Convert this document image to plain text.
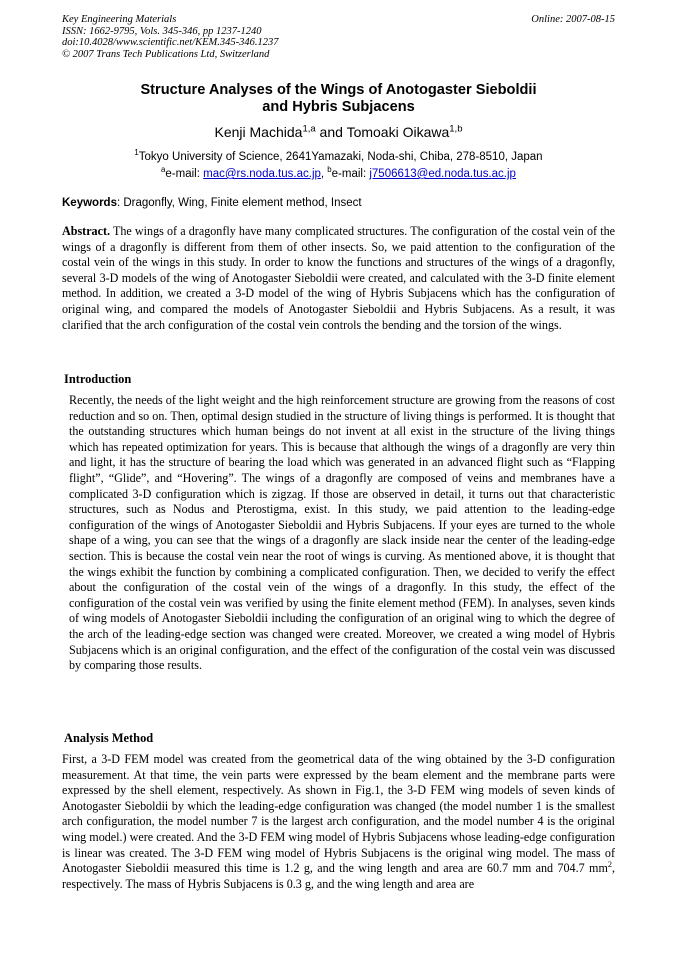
Key Engineering Materials
ISSN: 1662-9795, Vols. 345-346, pp 1237-1240
doi:10.4028/www.scientific.net/KEM.345-346.1237
© 2007 Trans Tech Publications Ltd, Switzerland
Online: 2007-08-15
Structure Analyses of the Wings of Anotogaster Sieboldii
and Hybris Subjacens
Kenji Machida$^{1,a}$ and Tomoaki Oikawa$^{1,b}$
$^1$Tokyo University of Science, 2641Yamazaki, Noda-shi, Chiba, 278-8510, Japan
$^a$e-mail: mac@rs.noda.tus.ac.jp, $^b$e-mail: j7506613@ed.noda.tus.ac.jp
Keywords: Dragonfly, Wing, Finite element method, Insect
Abstract. The wings of a dragonfly have many complicated structures. The configuration of the costal vein of the wings of a dragonfly is different from them of other insects. So, we paid attention to the configuration of the costal vein of the wings in this study. In order to know the functions and structures of the wings of a dragonfly, several 3-D models of the wing of Anotogaster Sieboldii were created, and calculated with the 3-D finite element method. In addition, we created a 3-D model of the wing of Hybris Subjacens which has the configuration of original wing, and compared the models of Anotogaster Sieboldii and Hybris Subjacens. As a result, it was clarified that the arch configuration of the costal vein controls the bending and the torsion of the wings.
Introduction
Recently, the needs of the light weight and the high reinforcement structure are growing from the reasons of cost reduction and so on. Then, optimal design studied in the structure of living things is performed. It is thought that the outstanding structures which human beings do not invent at all exist in the structure of the living things which has repeated optimization for years. This is because that although the wings of a dragonfly are very thin and light, it has the structure of bearing the load which was generated in an advanced flight such as “Flapping flight”, “Glide”, and “Hovering”. The wings of a dragonfly are composed of veins and membranes have a complicated 3-D configuration which is zigzag. If those are observed in detail, it turns out that characteristic structures, such as Nodus and Pterostigma, exist. In this study, we paid attention to the leading-edge configuration of the wings of Anotogaster Sieboldii and Hybris Subjacens. If your eyes are turned to the whole shape of a wing, you can see that the wings of a dragonfly are slack inside near the center of the leading-edge section. This is because the costal vein near the root of wings is curving. As mentioned above, it is thought that the wings exhibit the function by combining a complicated configuration. Then, we decided to verify the effect about the configuration of the costal vein of the wings of a dragonfly. In this study, the effect of the configuration of the costal vein was verified by using the finite element method (FEM). In analyses, seven kinds of wing models of Anotogaster Sieboldii including the configuration of an original wing to which the degree of the arch of the leading-edge section was changed were created. Moreover, we created a wing model of Hybris Subjacens which is an original configuration, and the effect of the configuration of the costal vein was discussed by comparing those results.
Analysis Method
First, a 3-D FEM model was created from the geometrical data of the wing obtained by the 3-D configuration measurement. At that time, the vein parts were expressed by the beam element and the membrane parts were expressed by the shell element, respectively. As shown in Fig.1, the 3-D FEM wing models of seven kinds of Anotogaster Sieboldii by which the leading-edge configuration was changed (the model number 1 is the smallest arch configuration, the model number 7 is the largest arch configuration, and the model number 4 is the original wing model.) were created. And the 3-D FEM wing model of Hybris Subjacens whose leading-edge configuration is linear was created. The 3-D FEM wing model of Hybris Subjacens is the original wing model. The mass of Anotogaster Sieboldii measured this time is 1.2 g, and the wing length and area are 60.7 mm and 704.7 $mm^2$, respectively. The mass of Hybris Subjacens is 0.3 g, and the wing length and area are
